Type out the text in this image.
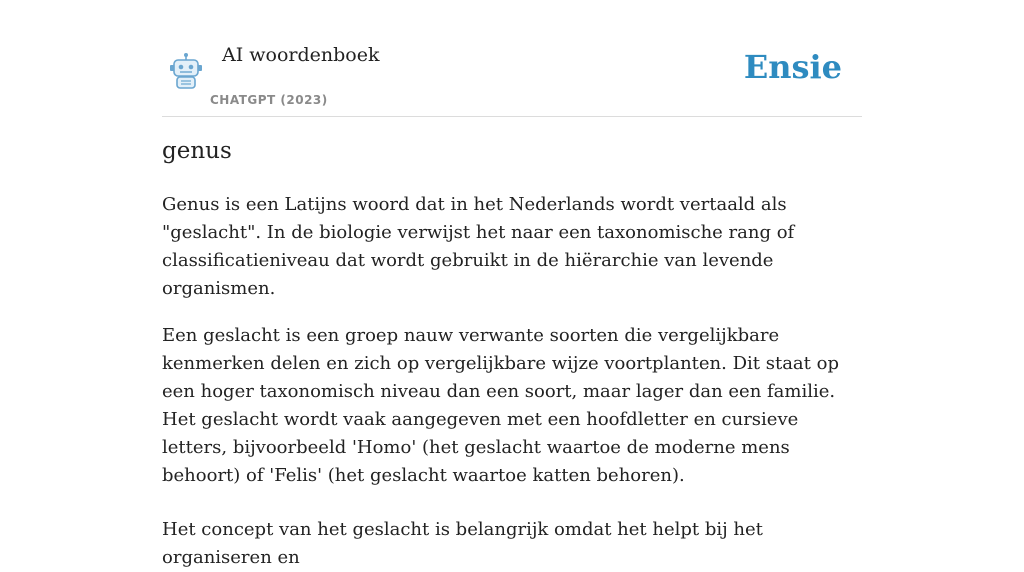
AI woordenboek
CHATGPT (2023)
Ensie
genus

Genus is een Latijns woord dat in het Nederlands wordt vertaald als "geslacht". In de biologie verwijst het naar een taxonomische rang of classificatieniveau dat wordt gebruikt in de hiërarchie van levende organismen.

Een geslacht is een groep nauw verwante soorten die vergelijkbare kenmerken delen en zich op vergelijkbare wijze voortplanten. Dit staat op een hoger taxonomisch niveau dan een soort, maar lager dan een familie. Het geslacht wordt vaak aangegeven met een hoofdletter en cursieve letters, bijvoorbeeld 'Homo' (het geslacht waartoe de moderne mens behoort) of 'Felis' (het geslacht waartoe katten behoren).

Het concept van het geslacht is belangrijk omdat het helpt bij het organiseren en
